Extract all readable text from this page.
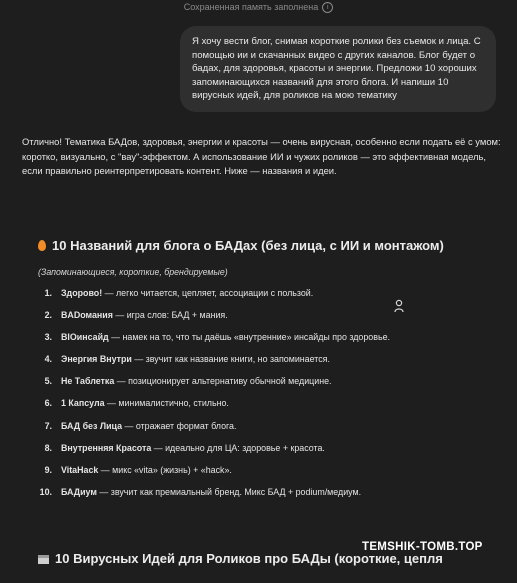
Сохраненная память заполнена i
Я хочу вести блог, снимая короткие ролики без съемок и лица. С помощью ии и скачанных видео с других каналов. Блог будет о бадах, для здоровья, красоты и энергии. Предложи 10 хороших запоминающихся названий для этого блога. И напиши 10 вирусных идей, для роликов на мою тематику
Отлично! Тематика БАДов, здоровья, энергии и красоты — очень вирусная, особенно если подать её с умом: коротко, визуально, с "вау"-эффектом. А использование ИИ и чужих роликов — это эффективная модель, если правильно реинтерпретировать контент. Ниже — названия и идеи.
10 Названий для блога о БАДах (без лица, с ИИ и монтажом)
(Запоминающиеся, короткие, брендируемые)
1. Здорово! — легко читается, цепляет, ассоциации с пользой.
2. BADомания — игра слов: БАД + мания.
3. ВIOинсайд — намек на то, что ты даёшь «внутренние» инсайды про здоровье.
4. Энергия Внутри — звучит как название книги, но запоминается.
5. Не Таблетка — позиционирует альтернативу обычной медицине.
6. 1 Капсула — минималистично, стильно.
7. БАД без Лица — отражает формат блога.
8. Внутренняя Красота — идеально для ЦА: здоровье + красота.
9. VitaHack — микс «vita» (жизнь) + «hack».
10. БАДиум — звучит как премиальный бренд. Микс БАД + podium/медиум.
10 Вирусных Идей для Роликов про БАДы (короткие, цепля
TEMSHIK-TOMB.TOP
